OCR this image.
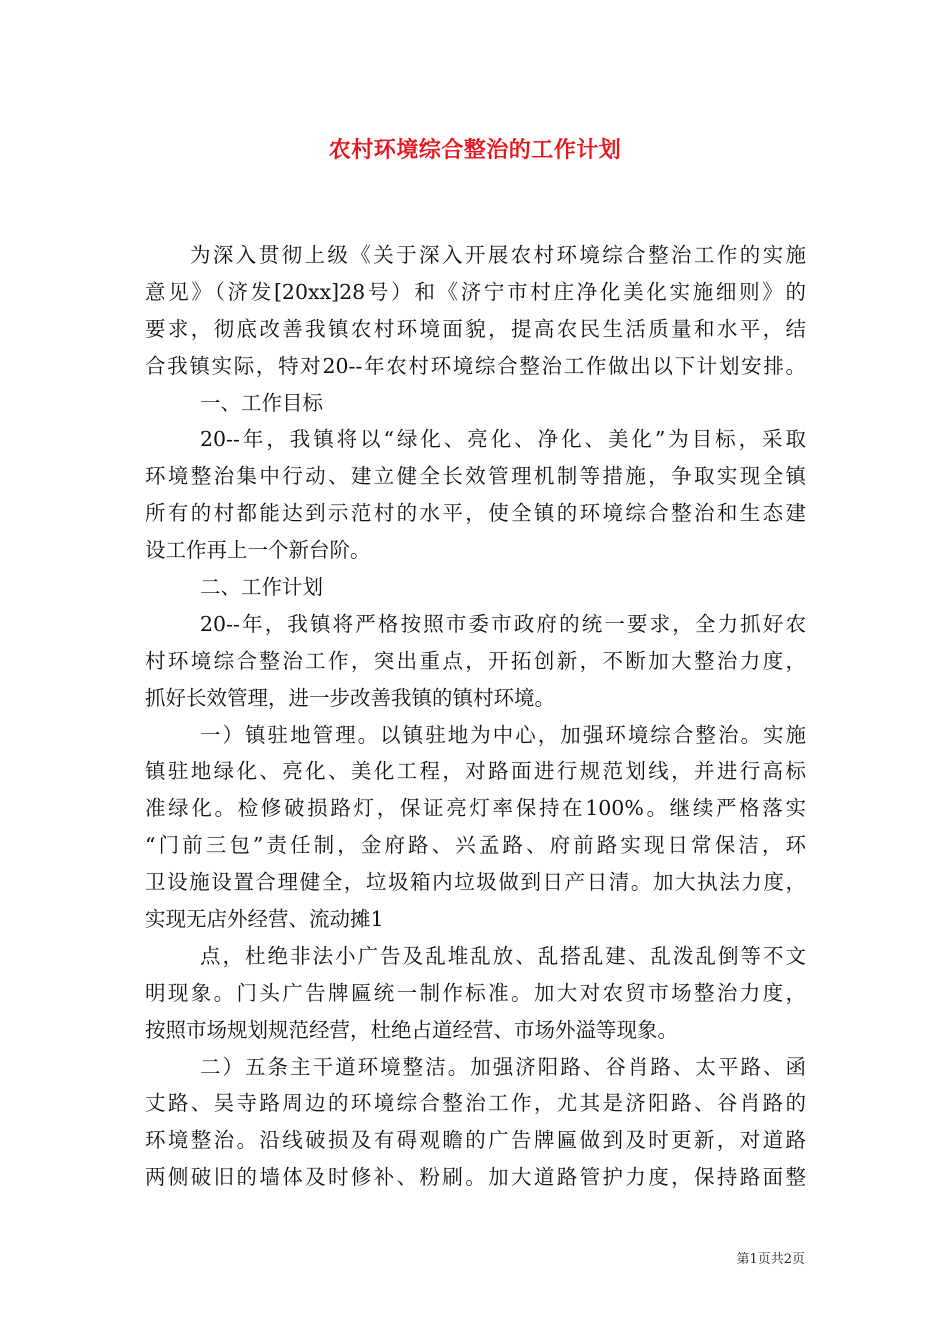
农村环境综合整治的工作计划
为深入贯彻上级《关于深入开展农村环境综合整治工作的实施
意见》（济发[20xx]28号）和《济宁市村庄净化美化实施细则》的
要求，彻底改善我镇农村环境面貌，提高农民生活质量和水平，结
合我镇实际，特对20--年农村环境综合整治工作做出以下计划安排。
一、工作目标
20--年，我镇将以“绿化、亮化、净化、美化”为目标，采取
环境整治集中行动、建立健全长效管理机制等措施，争取实现全镇
所有的村都能达到示范村的水平，使全镇的环境综合整治和生态建
设工作再上一个新台阶。
二、工作计划
20--年，我镇将严格按照市委市政府的统一要求，全力抓好农
村环境综合整治工作，突出重点，开拓创新，不断加大整治力度，
抓好长效管理，进一步改善我镇的镇村环境。
一）镇驻地管理。以镇驻地为中心，加强环境综合整治。实施
镇驻地绿化、亮化、美化工程，对路面进行规范划线，并进行高标
准绿化。检修破损路灯，保证亮灯率保持在100%。继续严格落实
“门前三包”责任制，金府路、兴孟路、府前路实现日常保洁，环
卫设施设置合理健全，垃圾箱内垃圾做到日产日清。加大执法力度，
实现无店外经营、流动摊1
点，杜绝非法小广告及乱堆乱放、乱搭乱建、乱泼乱倒等不文
明现象。门头广告牌匾统一制作标准。加大对农贸市场整治力度，
按照市场规划规范经营，杜绝占道经营、市场外溢等现象。
二）五条主干道环境整洁。加强济阳路、谷肖路、太平路、函
丈路、吴寺路周边的环境综合整治工作，尤其是济阳路、谷肖路的
环境整治。沿线破损及有碍观瞻的广告牌匾做到及时更新，对道路
两侧破旧的墙体及时修补、粉刷。加大道路管护力度，保持路面整
第1页共2页
